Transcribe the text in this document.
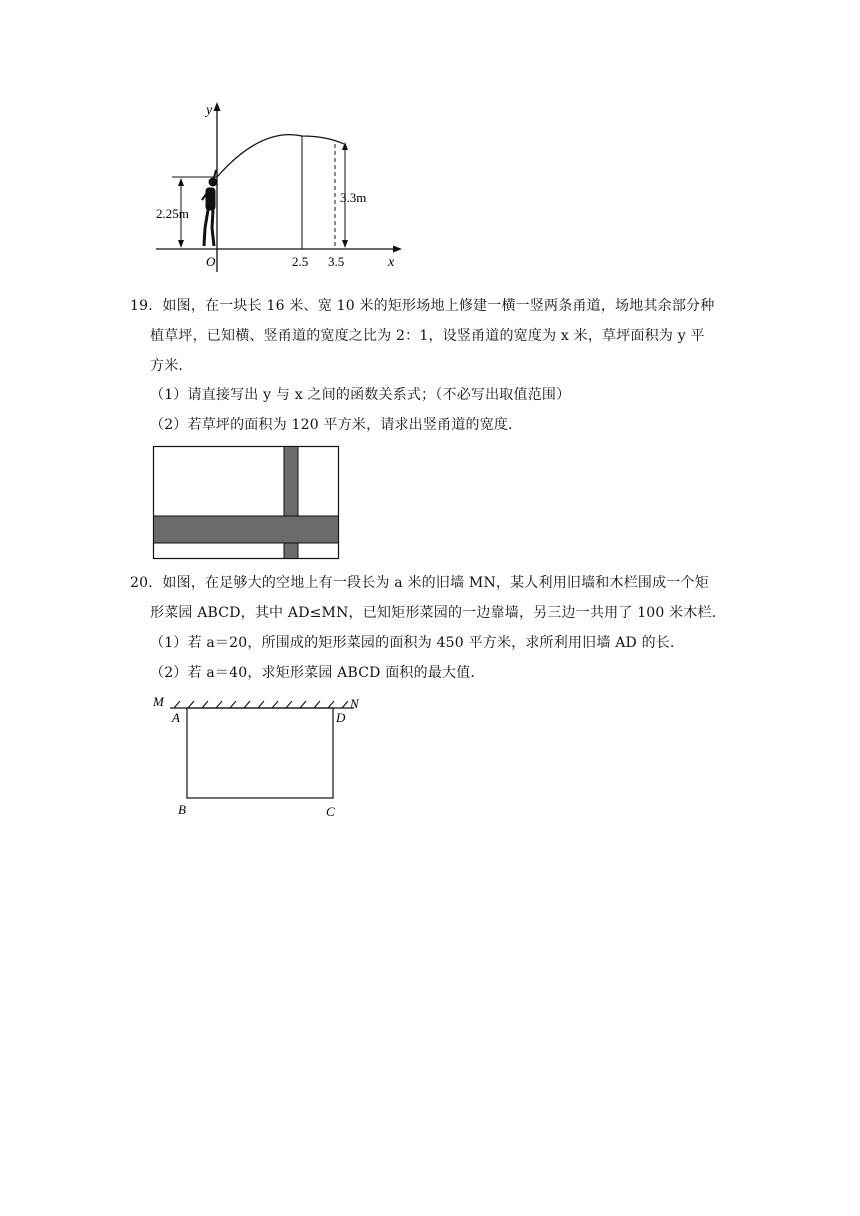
2.25m
3.3m
y
x
O	2.5 3.5
19．如图，在一块长 16 米、宽 10 米的矩形场地上修建一横一竖两条甬道，场地其余部分种
植草坪，已知横、竖甬道的宽度之比为 2：1，设竖甬道的宽度为 x 米，草坪面积为 y 平
方米．
（1）请直接写出 y 与 x 之间的函数关系式；（不必写出取值范围）
（2）若草坪的面积为 120 平方米，请求出竖甬道的宽度．
20．如图，在足够大的空地上有一段长为 a 米的旧墙 MN，某人利用旧墙和木栏围成一个矩
形菜园 ABCD，其中 AD≤MN，已知矩形菜园的一边靠墙，另三边一共用了 100 米木栏．
（1）若 a＝20，所围成的矩形菜园的面积为 450 平方米，求所利用旧墙 AD 的长．
（2）若 a＝40，求矩形菜园 ABCD 面积的最大值．
M	N
A	D
B	C
